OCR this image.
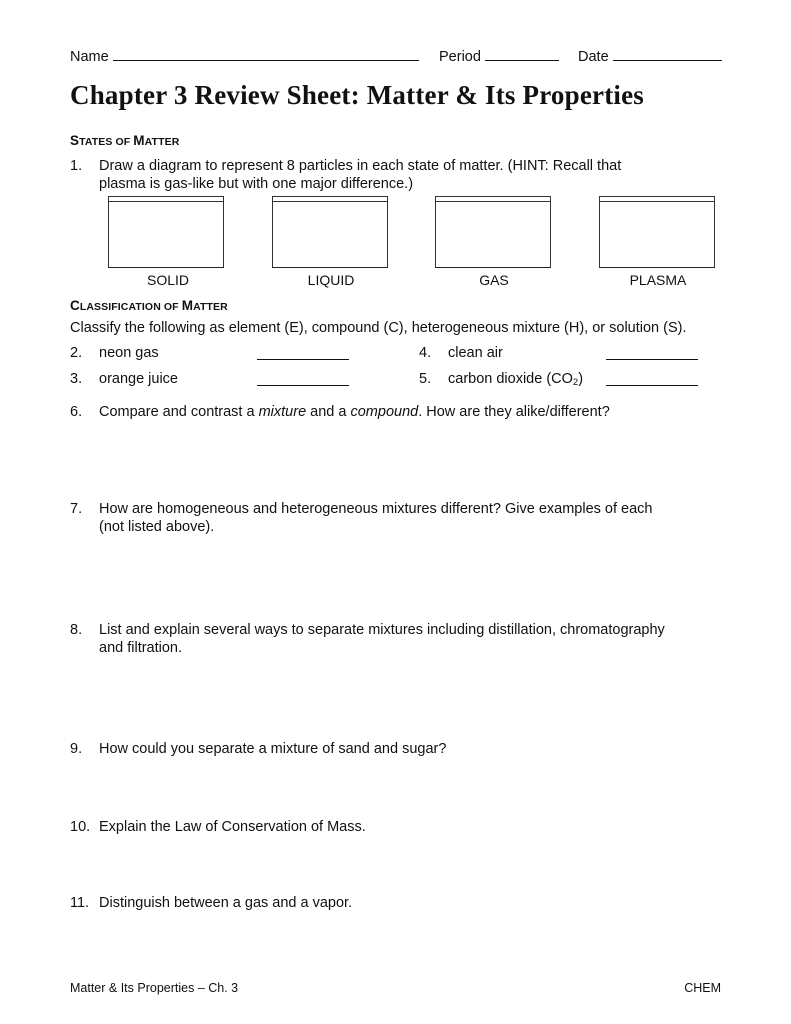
Name	Period	Date
Chapter 3 Review Sheet: Matter & Its Properties
STATES OF MATTER
1. Draw a diagram to represent 8 particles in each state of matter. (HINT: Recall that
plasma is gas-like but with one major difference.)
SOLID	LIQUID	GAS	PLASMA
CLASSIFICATION OF MATTER
Classify the following as element (E), compound (C), heterogeneous mixture (H), or solution (S).
2. neon gas
3. orange juice
4. clean air
5. carbon dioxide $(CO_2)$
6. Compare and contrast a mixture and a compound. How are they alike/different?
7. How are homogeneous and heterogeneous mixtures different? Give examples of each
(not listed above).
8. List and explain several ways to separate mixtures including distillation, chromatography
and filtration.
9. How could you separate a mixture of sand and sugar?
10. Explain the Law of Conservation of Mass.
11. Distinguish between a gas and a vapor.
Matter & Its Properties – Ch. 3	CHEM
